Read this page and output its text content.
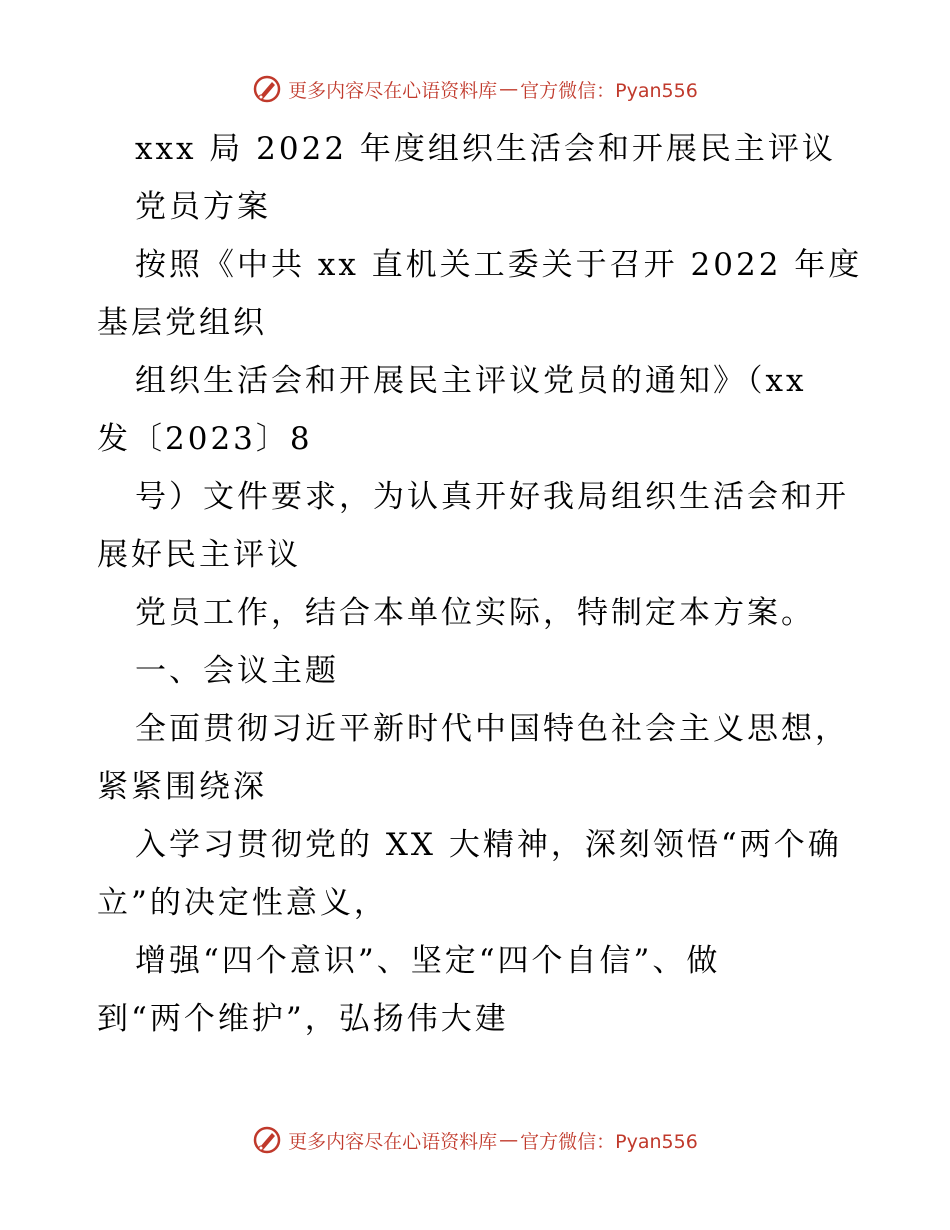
更多内容尽在心语资料库 — 官方微信：Pyan556
xxx 局 2022 年度组织生活会和开展民主评议
党员方案
按照《中共 xx 直机关工委关于召开 2022 年度
基层党组织
组织生活会和开展民主评议党员的通知》（xx
发〔2023〕8
号）文件要求，为认真开好我局组织生活会和开
展好民主评议
党员工作，结合本单位实际，特制定本方案。
一、会议主题
全面贯彻习近平新时代中国特色社会主义思想，
紧紧围绕深
入学习贯彻党的 XX 大精神，深刻领悟“两个确
立”的决定性意义，
增强“四个意识”、坚定“四个自信”、做
到“两个维护”，弘扬伟大建
更多内容尽在心语资料库 — 官方微信：Pyan556
